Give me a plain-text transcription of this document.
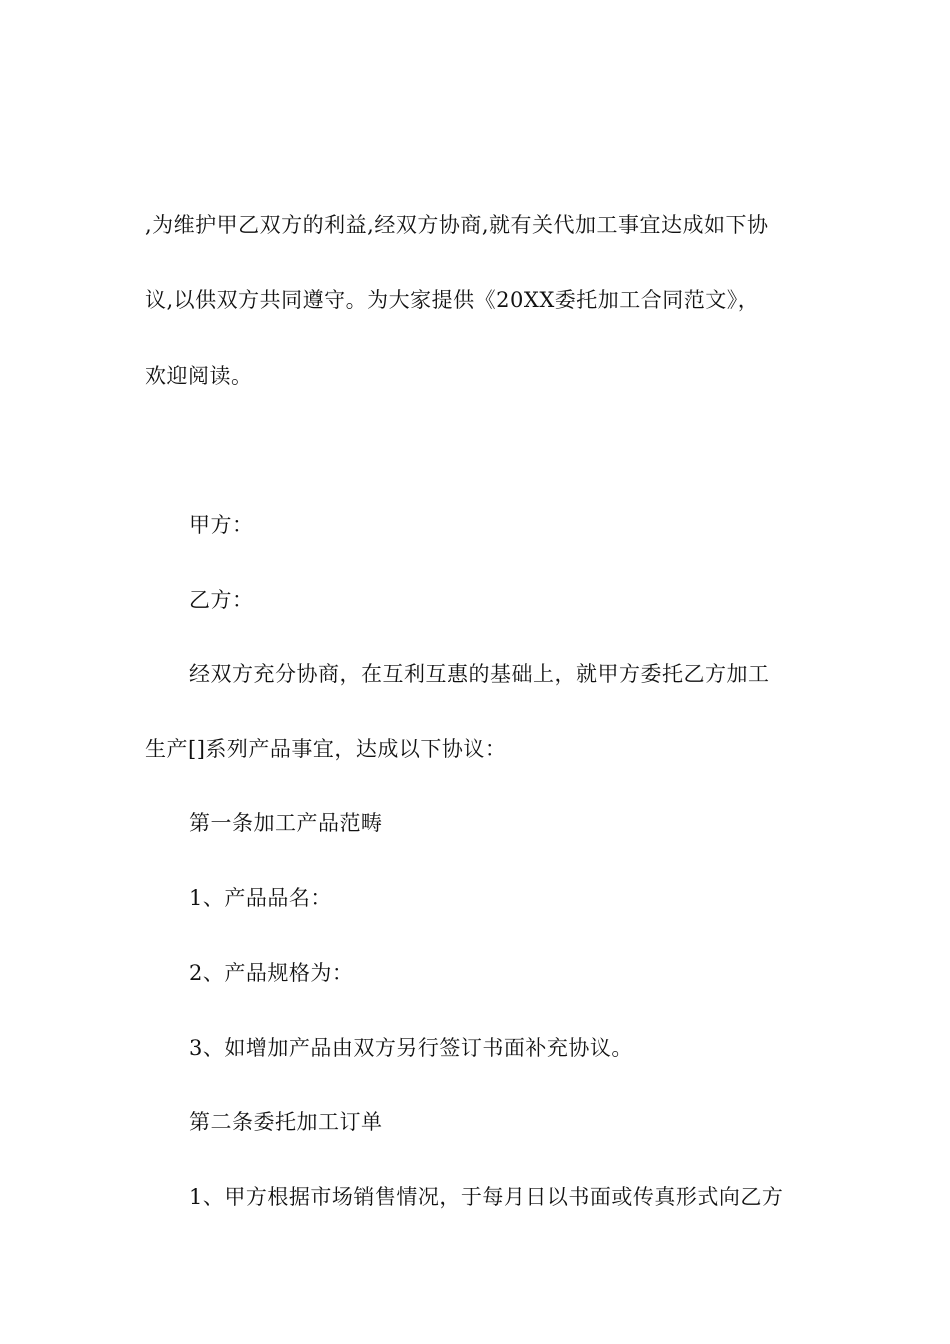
,为维护甲乙双方的利益,经双方协商,就有关代加工事宜达成如下协
议,以供双方共同遵守。为大家提供《20XX委托加工合同范文》，
欢迎阅读。
甲方：
乙方：
经双方充分协商，在互利互惠的基础上，就甲方委托乙方加工
生产[]系列产品事宜，达成以下协议：
第一条加工产品范畴
1、产品品名：
2、产品规格为：
3、如增加产品由双方另行签订书面补充协议。
第二条委托加工订单
1、甲方根据市场销售情况，于每月日以书面或传真形式向乙方
